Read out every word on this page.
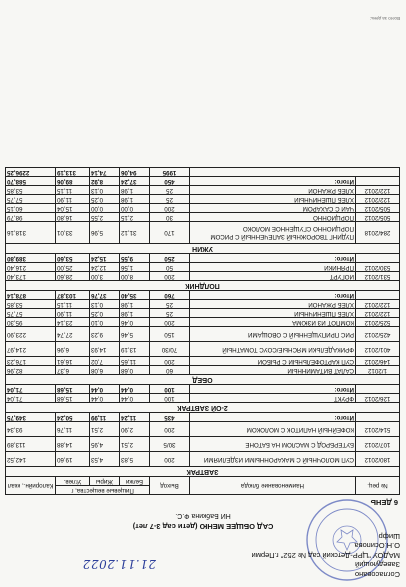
Согласовано
Заведующий
МАДОУ "ЦРР-Детский сад № 252" г.Перми
О.Н.Осипова
Шифр
21.11.2022
САД ОБЩЕЕ МЕНЮ (дети сад 3-7 лет)
НИ Бабкина Ф.С.
6 ДЕНЬ
№ рец.	Наименование блюда	Выход	Пищевые вещества, г			Калорийн., ккал
			Белки	Жиры	Углев.	
ЗАВТРАК						
180/2012	СУП МОЛОЧНЫЙ С МАКАРОННЫМИ ИЗДЕЛИЯМИ	200	5,83	4,53	19,60	142,52
107/2012	БУТЕРБРОД С МАСЛОМ НА БАТОНЕ	30/5	2,51	4,95	14,88	113,89
514/2012	КОФЕЙНЫЙ НАПИТОК С МОЛОКОМ	200	2,90	2,51	11,76	93,34
	Итого:	435	11,24	11,99	50,24	349,75
2-ОЙ ЗАВТРАК						
126/2012	ФРУКТ	100	0,44	0,44	15,68	71,04
	Итого:	100	0,44	0,44	15,68	71,04
ОБЕД						
1/2012	САЛАТ ВИТАМИННЫЙ	60	0,68	6,08	6,37	82,96
146/2012	СУП КАРТОФЕЛЬНЫЙ С РЫБОЙ	200	11,65	7,02	16,61	176,23
401/2012	ФРИКАДЕЛЬКИ МЯСНЫЕ/СОУС ТОМАТНЫЙ	70/30	13,19	14,93	6,96	214,97
425/2012	РИС ПРИПУЩЕННЫЙ С ОВОЩАМИ	150	5,46	9,23	27,74	223,90
525/2012	КОМПОТ ИЗ ИЗЮМА	200	0,46	0,10	23,14	95,30
122/2012	ХЛЕБ ПШЕНИЧНЫЙ	25	1,98	0,25	11,90	57,75
122/2012	ХЛЕБ РЖАНОЙ	25	1,98	0,13	11,15	53,85
	Итого:	760	35,40	37,76	103,87	878,14
ПОЛДНИК						
531/2012	ЙОГУРТ	200	8,00	3,00	28,60	173,40
530/2012	ПРЯНИКИ	50	1,56	12,24	25,00	216,40
	Итого:	250	9,55	15,24	53,60	389,80
УЖИН						
284/2018	ПУДИНГ ТВОРОЖНЫЙ ЗАПЕЧЕННЫЙ С РИСОМ ПОРЦИОННО СГУЩЕННОЕ МОЛОКО	170	31,12	5,96	33,01	318,16
505/2012	ПОРЦИОННО	30	2,15	2,55	16,80	98,79
505/2012	ЧАЙ С САХАРОМ	200	0,00	0,00	15,04	60,15
122/2012	ХЛЕБ ПШЕНИЧНЫЙ	25	1,98	0,25	11,90	57,75
122/2012	ХЛЕБ РЖАНОЙ	25	1,98	0,13	11,15	53,85
	Итого:	450	37,24	8,92	89,06	588,70
		1995	94,06	74,14	313,19	2296,25
Всего за день:
